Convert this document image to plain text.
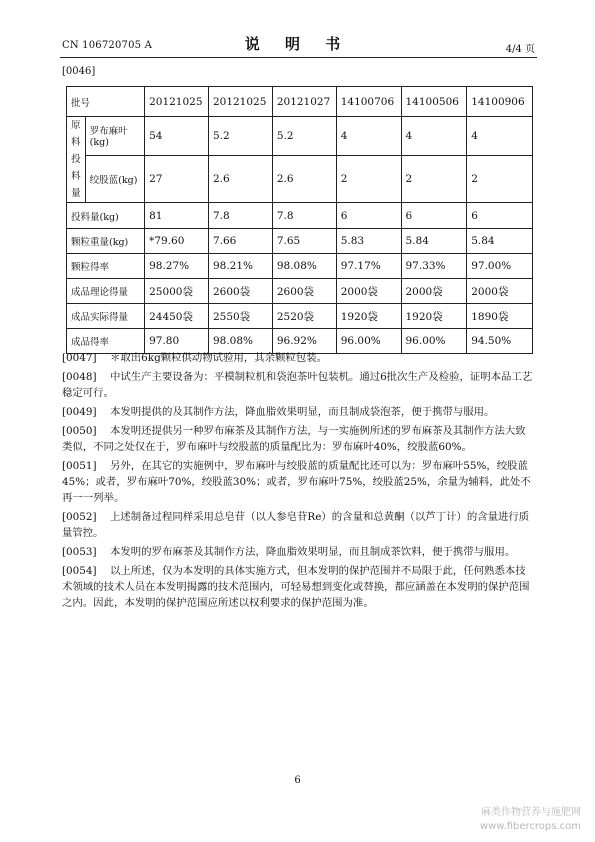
CN 106720705 A	说 明 书	4/4 页
[0046]
批号		20121025	20121025	20121027	14100706	14100506	14100906
原料投料量	罗布麻叶(kg)	54	5.2	5.2	4	4	4
	绞股蓝(kg)	27	2.6	2.6	2	2	2
投料量(kg)		81	7.8	7.8	6	6	6
颗粒重量(kg)		*79.60	7.66	7.65	5.83	5.84	5.84
颗粒得率		98.27%	98.21%	98.08%	97.17%	97.33%	97.00%
成品理论得量		25000袋	2600袋	2600袋	2000袋	2000袋	2000袋
成品实际得量		24450袋	2550袋	2520袋	1920袋	1920袋	1890袋
成品得率		97.80	98.08%	96.92%	96.00%	96.00%	94.50%
[0047] ＊取出6kg颗粒供动物试验用，其余颗粒包装。
[0048] 中试生产主要设备为：平模制粒机和袋泡茶叶包装机。通过6批次生产及检验，证明本品工艺稳定可行。
[0049] 本发明提供的及其制作方法，降血脂效果明显，而且制成袋泡茶，便于携带与服用。
[0050] 本发明还提供另一种罗布麻茶及其制作方法，与一实施例所述的罗布麻茶及其制作方法大致类似，不同之处仅在于，罗布麻叶与绞股蓝的质量配比为：罗布麻叶40%，绞股蓝60%。
[0051] 另外，在其它的实施例中，罗布麻叶与绞股蓝的质量配比还可以为：罗布麻叶55%，绞股蓝45%；或者，罗布麻叶70%，绞股蓝30%；或者，罗布麻叶75%，绞股蓝25%，余量为辅料，此处不再一一列举。
[0052] 上述制备过程同样采用总皂苷（以人参皂苷Re）的含量和总黄酮（以芦丁计）的含量进行质量管控。
[0053] 本发明的罗布麻茶及其制作方法，降血脂效果明显，而且制成茶饮料，便于携带与服用。
[0054] 以上所述，仅为本发明的具体实施方式，但本发明的保护范围并不局限于此，任何熟悉本技术领域的技术人员在本发明揭露的技术范围内，可轻易想到变化或替换，都应涵盖在本发明的保护范围之内。因此，本发明的保护范围应所述以权利要求的保护范围为准。
6
麻类作物营养与施肥网
www.fibercrops.com
